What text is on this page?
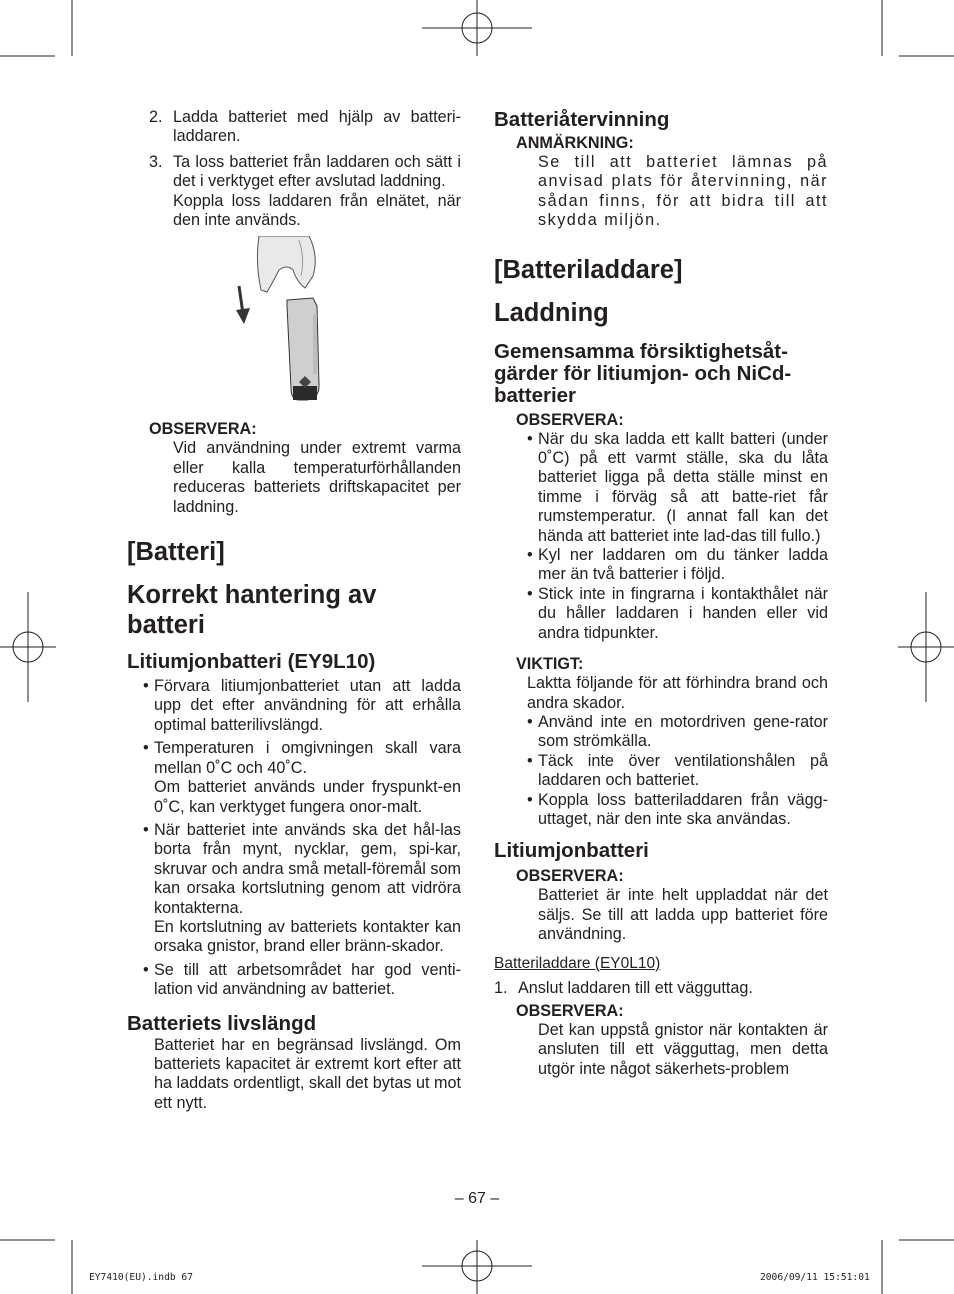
2. Ladda batteriet med hjälp av batteri-laddaren.

3. Ta loss batteriet från laddaren och sätt i det i verktyget efter avslutad laddning.

Koppla loss laddaren från elnätet, när den inte används.

OBSERVERA:

Vid användning under extremt varma eller kalla temperaturförhållanden reduceras batteriets driftskapacitet per laddning.

[Batteri]
Korrekt hantering av batteri
Litiumjonbatteri (EY9L10)
• Förvara litiumjonbatteriet utan att ladda upp det efter användning för att erhålla optimal batterilivslängd.

• Temperaturen i omgivningen skall vara mellan 0˚C och 40˚C.
Om batteriet används under fryspunkt-en 0˚C, kan verktyget fungera onor-malt.

• När batteriet inte används ska det hål-las borta från mynt, nycklar, gem, spi-kar, skruvar och andra små metall-föremål som kan orsaka kortslutning genom att vidröra kontakterna.
En kortslutning av batteriets kontakter kan orsaka gnistor, brand eller bränn-skador.

• Se till att arbetsområdet har god venti-lation vid användning av batteriet.

Batteriets livslängd

Batteriet har en begränsad livslängd. Om batteriets kapacitet är extremt kort efter att ha laddats ordentligt, skall det bytas ut mot ett nytt.

Batteriåtervinning
ANMÄRKNING:

Se till att batteriet lämnas på anvisad plats för återvinning, när sådan finns, för att bidra till att skydda miljön.

[Batteriladdare]
Laddning
Gemensamma försiktighetsåt-gärder för litiumjon- och NiCd-batterier
OBSERVERA:
• När du ska ladda ett kallt batteri (under 0˚C) på ett varmt ställe, ska du låta batteriet ligga på detta ställe minst en timme i förväg så att batte-riet får rumstemperatur. (I annat fall kan det hända att batteriet inte lad-das till fullo.)

• Kyl ner laddaren om du tänker ladda mer än två batterier i följd.

• Stick inte in fingrarna i kontakthålet när du håller laddaren i handen eller vid andra tidpunkter.

VIKTIGT:

Laktta följande för att förhindra brand och andra skador.

• Använd inte en motordriven gene-rator som strömkälla.

• Täck inte över ventilationshålen på laddaren och batteriet.

• Koppla loss batteriladdaren från vägg-uttaget, när den inte ska användas.

Litiumjonbatteri
OBSERVERA:

Batteriet är inte helt uppladdat när det säljs. Se till att ladda upp batteriet före användning.

Batteriladdare (EY0L10)
1. Anslut laddaren till ett vägguttag.

OBSERVERA:

Det kan uppstå gnistor när kontakten är ansluten till ett vägguttag, men detta utgör inte något säkerhets-problem

– 67 –
EY7410(EU).indb 67	2006/09/11 15:51:01
